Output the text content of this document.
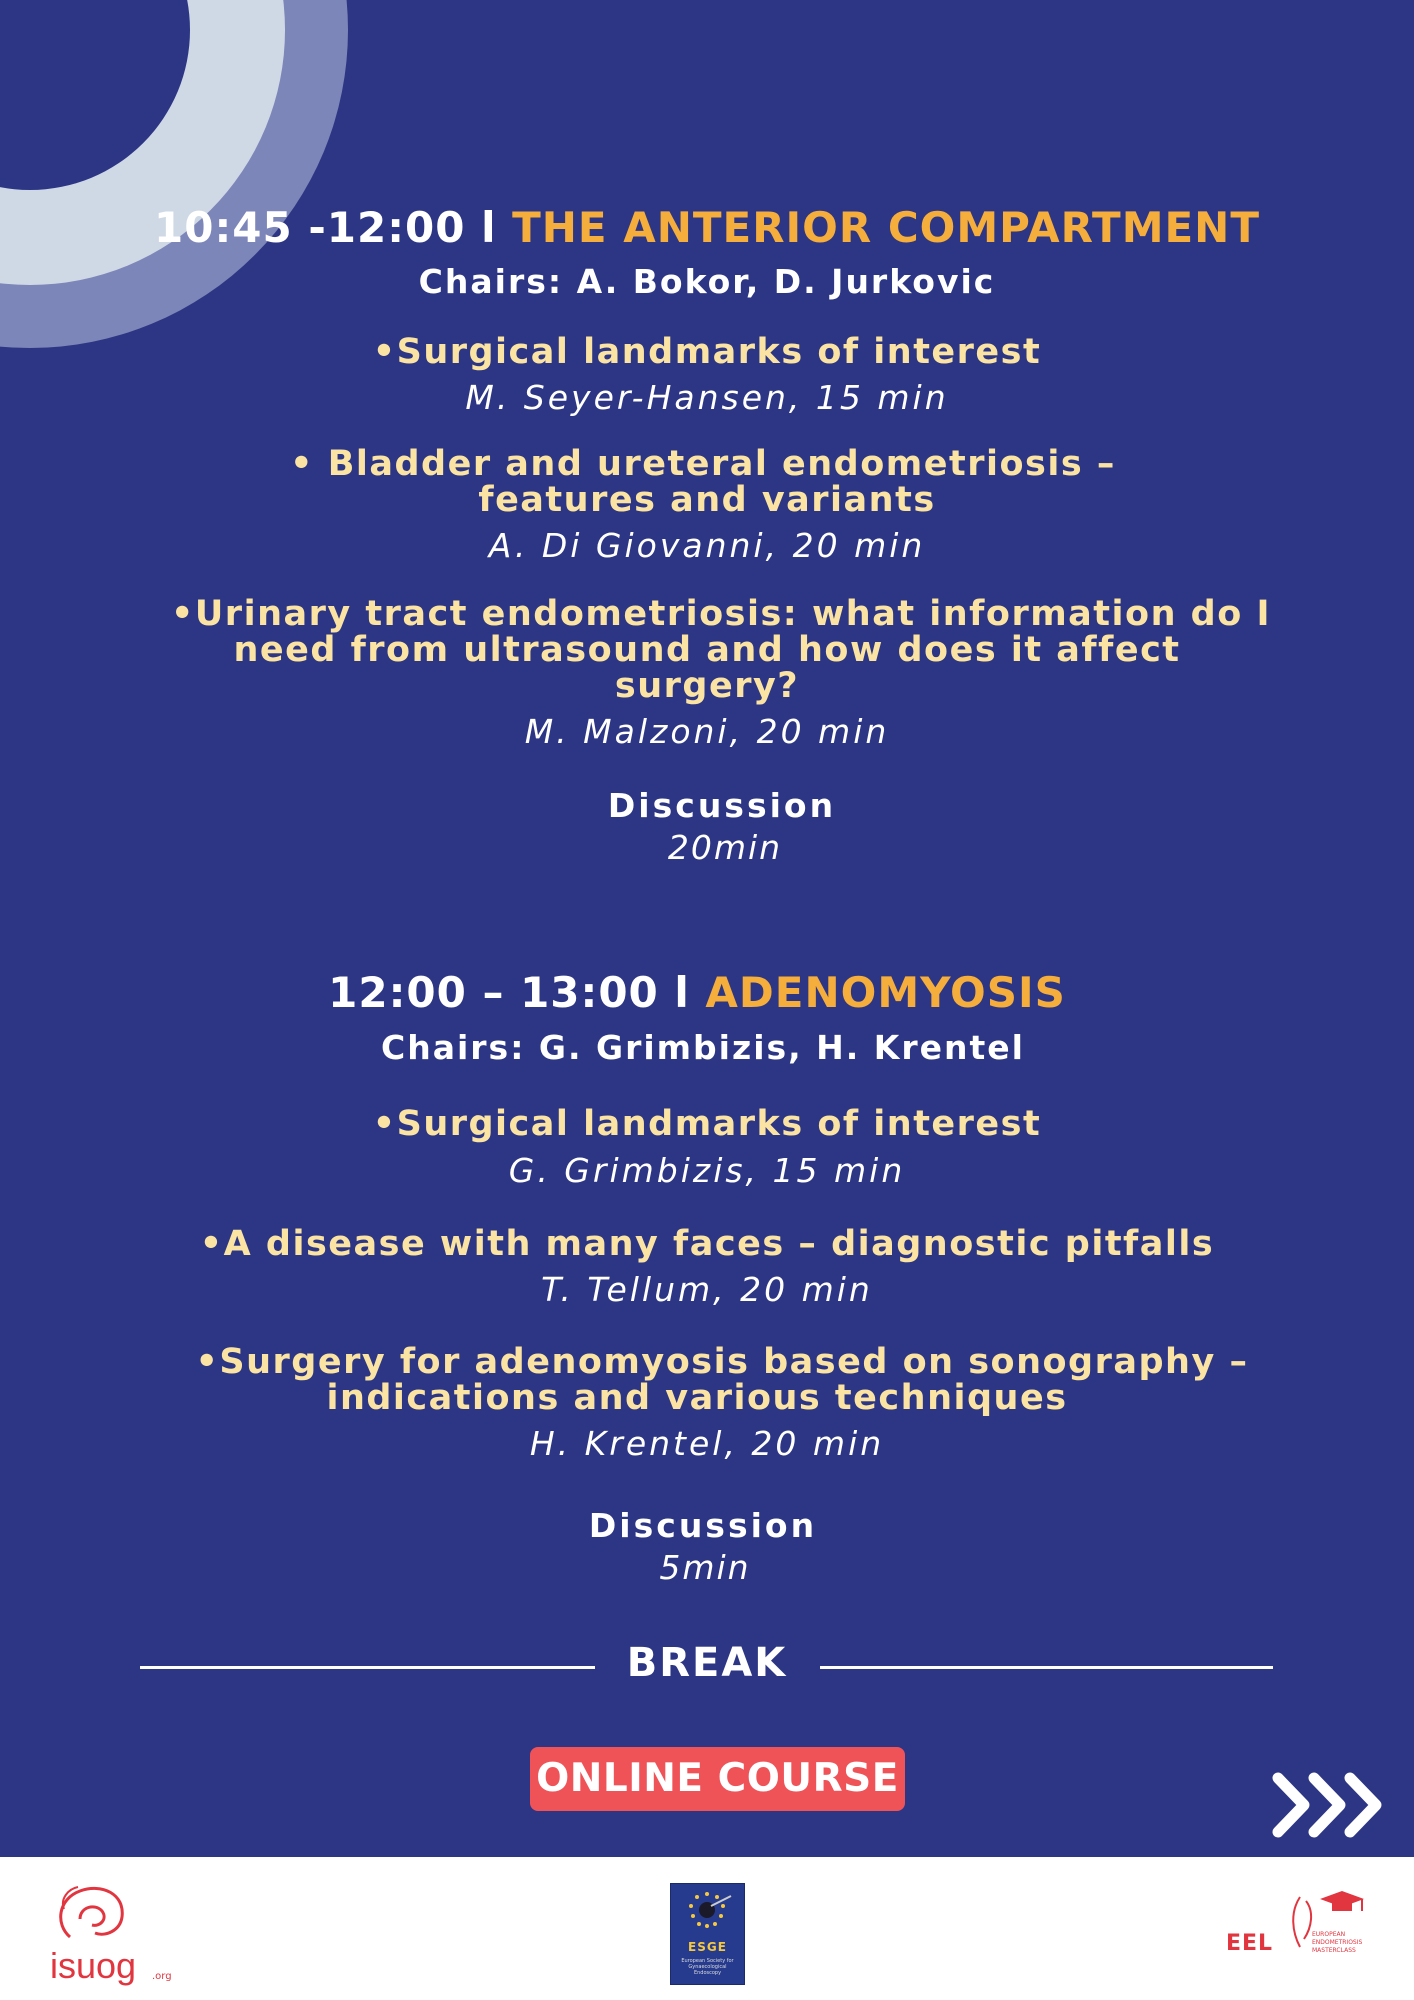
10:45 -12:00 l THE ANTERIOR COMPARTMENT
Chairs: A. Bokor, D. Jurkovic
•Surgical landmarks of interest
M. Seyer-Hansen, 15 min
• Bladder and ureteral endometriosis –
features and variants
A. Di Giovanni, 20 min
•Urinary tract endometriosis: what information do I
need from ultrasound and how does it affect
surgery?
M. Malzoni, 20 min
Discussion
20min
12:00 – 13:00 l ADENOMYOSIS
Chairs: G. Grimbizis, H. Krentel
•Surgical landmarks of interest
G. Grimbizis, 15 min
•A disease with many faces – diagnostic pitfalls
T. Tellum, 20 min
•Surgery for adenomyosis based on sonography –
indications and various techniques
H. Krentel, 20 min
Discussion
5min
BREAK
ONLINE COURSE
isuog	.org
ESGE
European Society for Gynaecological Endoscopy
EEL	EUROPEAN ENDOMETRIOSIS MASTERCLASS
